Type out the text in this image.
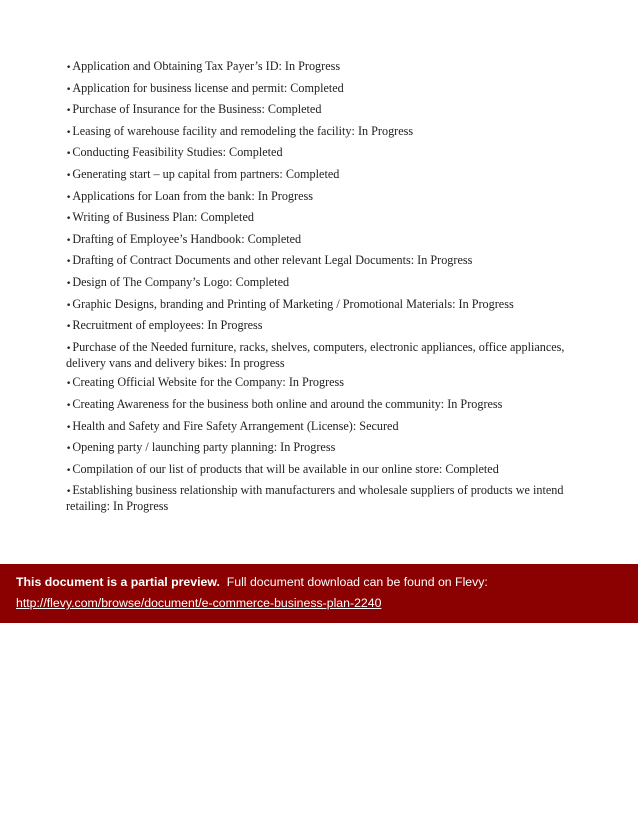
•Application and Obtaining Tax Payer’s ID: In Progress
•Application for business license and permit: Completed
•Purchase of Insurance for the Business: Completed
•Leasing of warehouse facility and remodeling the facility: In Progress
•Conducting Feasibility Studies: Completed
•Generating start – up capital from partners: Completed
•Applications for Loan from the bank: In Progress
•Writing of Business Plan: Completed
•Drafting of Employee’s Handbook: Completed
•Drafting of Contract Documents and other relevant Legal Documents: In Progress
•Design of The Company’s Logo: Completed
•Graphic Designs, branding and Printing of Marketing / Promotional Materials: In Progress
•Recruitment of employees: In Progress
•Purchase of the Needed furniture, racks, shelves, computers, electronic appliances, office appliances, delivery vans and delivery bikes: In progress
•Creating Official Website for the Company: In Progress
•Creating Awareness for the business both online and around the community: In Progress
•Health and Safety and Fire Safety Arrangement (License): Secured
•Opening party / launching party planning: In Progress
•Compilation of our list of products that will be available in our online store: Completed
•Establishing business relationship with manufacturers and wholesale suppliers of products we intend retailing: In Progress
This document is a partial preview. Full document download can be found on Flevy:
http://flevy.com/browse/document/e-commerce-business-plan-2240
